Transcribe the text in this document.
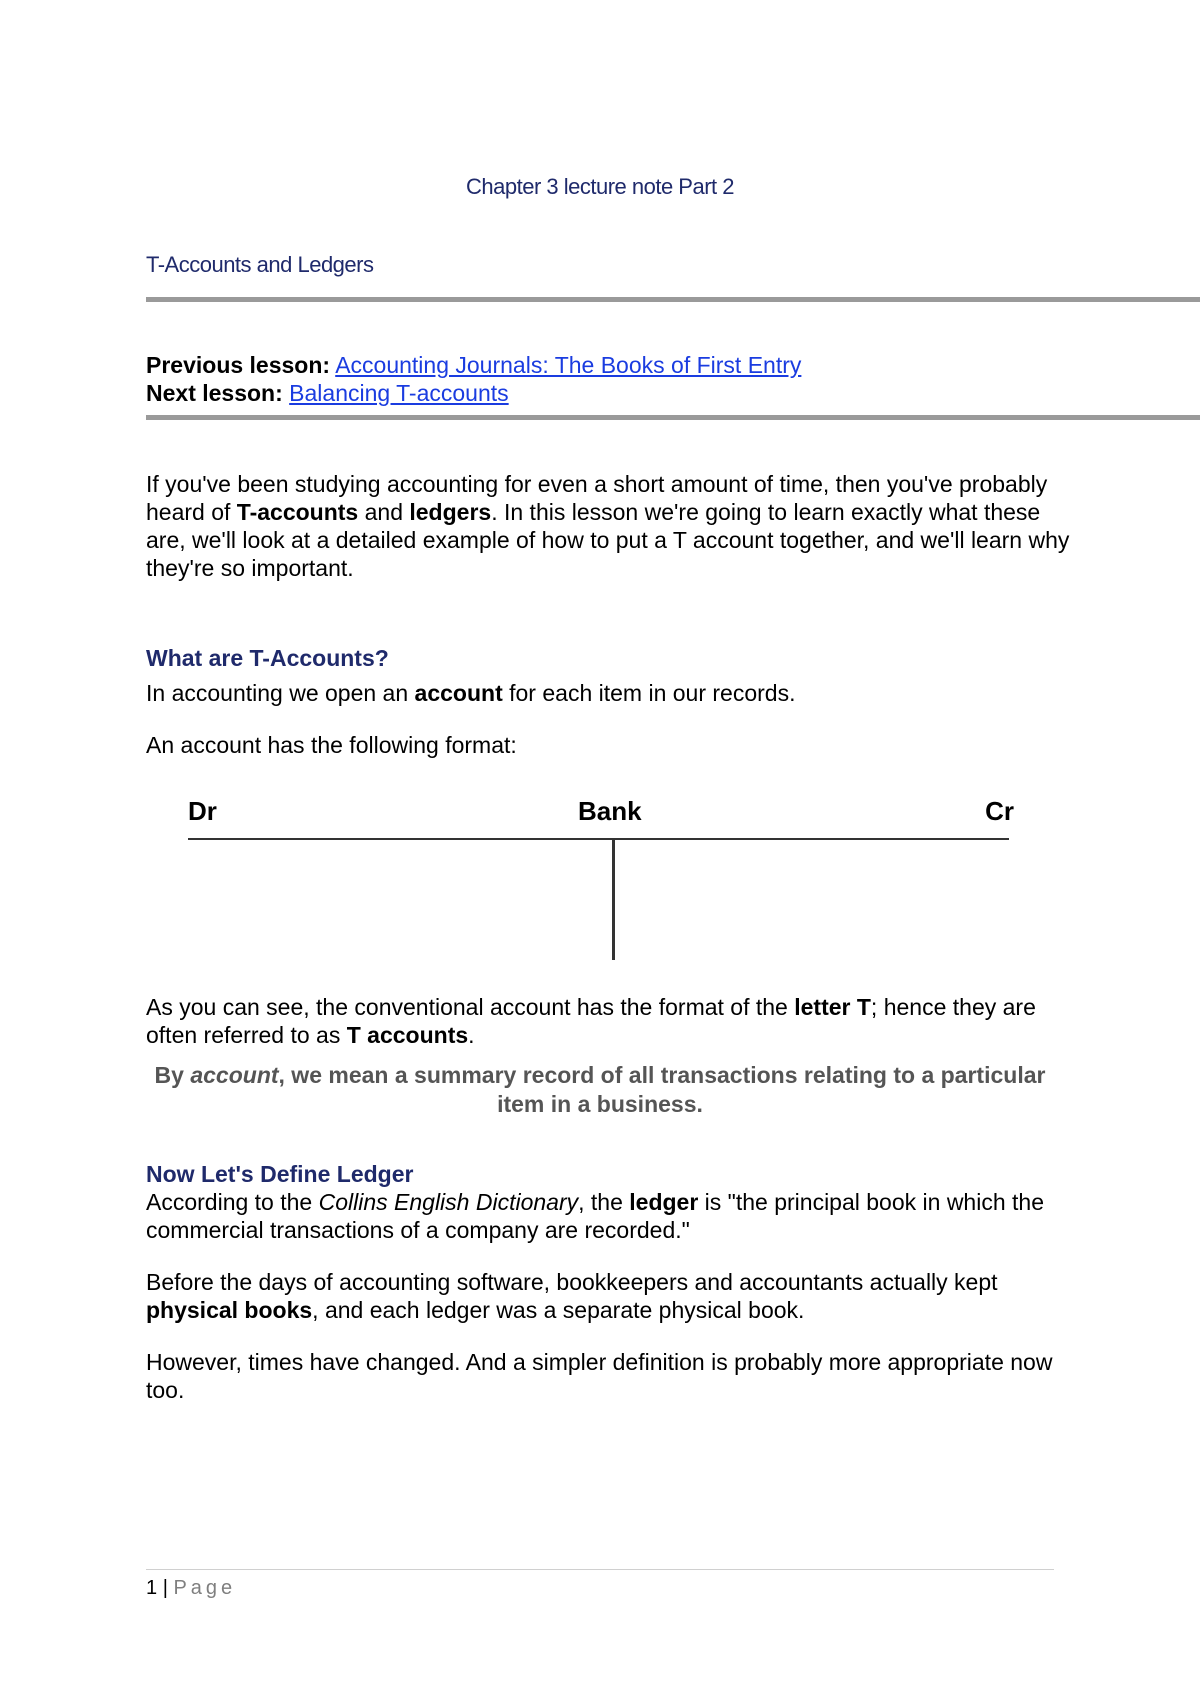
Chapter 3 lecture note Part 2
T-Accounts and Ledgers
Previous lesson: Accounting Journals: The Books of First Entry
Next lesson: Balancing T-accounts

If you've been studying accounting for even a short amount of time, then you've probably heard of T-accounts and ledgers. In this lesson we're going to learn exactly what these are, we'll look at a detailed example of how to put a T account together, and we'll learn why they're so important.

What are T-Accounts?

In accounting we open an account for each item in our records.

An account has the following format:

Dr	Bank	Cr

As you can see, the conventional account has the format of the letter T; hence they are often referred to as T accounts.

By account, we mean a summary record of all transactions relating to a particular item in a business.
Now Let's Define Ledger

According to the Collins English Dictionary, the ledger is "the principal book in which the commercial transactions of a company are recorded."

Before the days of accounting software, bookkeepers and accountants actually kept physical books, and each ledger was a separate physical book.

However, times have changed. And a simpler definition is probably more appropriate now too.

1 | Page
